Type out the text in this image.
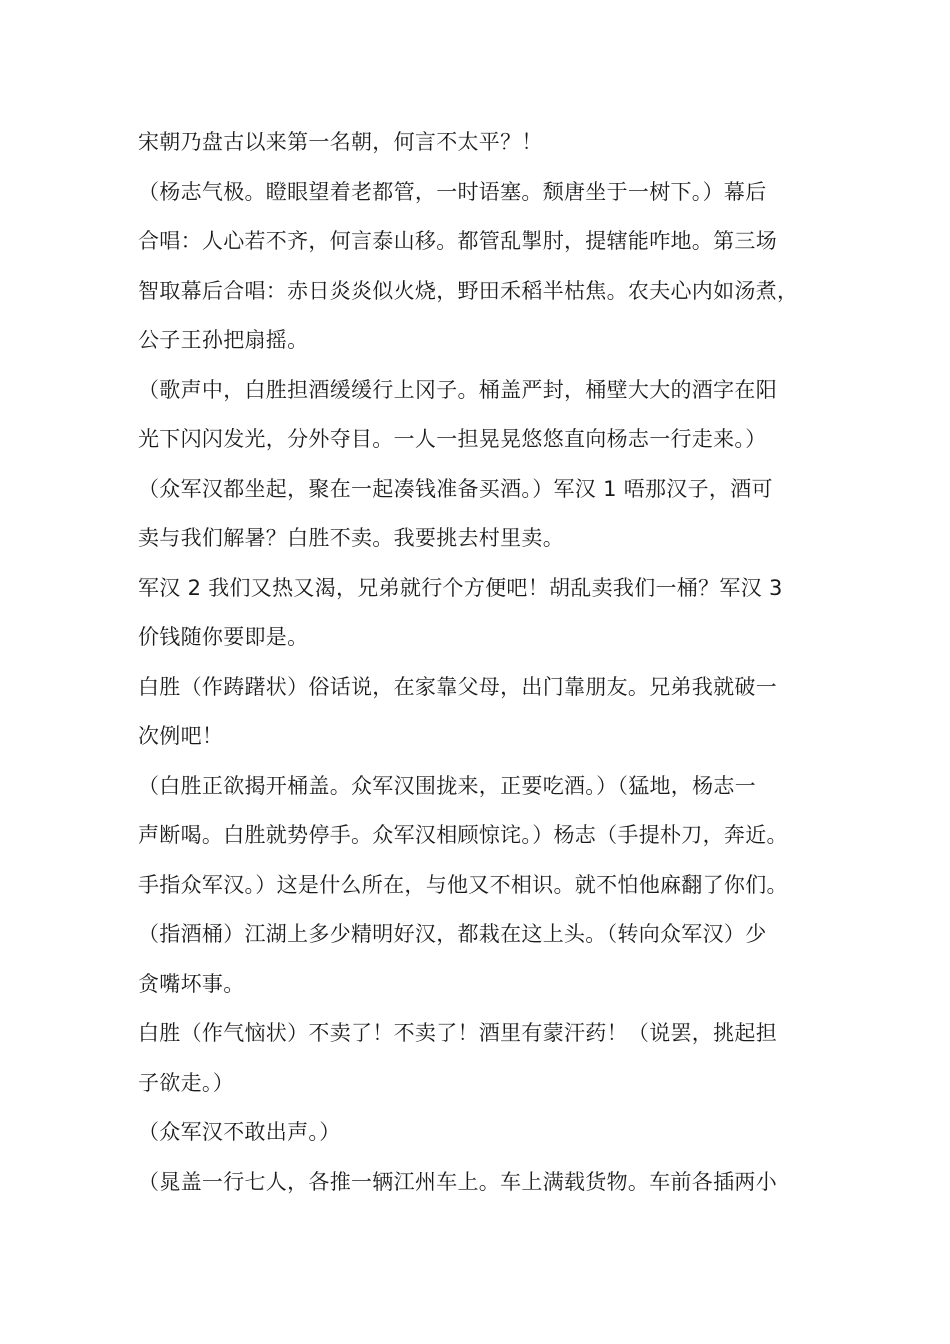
宋朝乃盘古以来第一名朝，何言不太平？！
（杨志气极。瞪眼望着老都管，一时语塞。颓唐坐于一树下。）幕后
合唱：人心若不齐，何言泰山移。都管乱掣肘，提辖能咋地。第三场
智取幕后合唱：赤日炎炎似火烧，野田禾稻半枯焦。农夫心内如汤煮，
公子王孙把扇摇。
（歌声中，白胜担酒缓缓行上冈子。桶盖严封，桶壁大大的酒字在阳
光下闪闪发光，分外夺目。一人一担晃晃悠悠直向杨志一行走来。）
（众军汉都坐起，聚在一起凑钱准备买酒。）军汉 1 唔那汉子，酒可
卖与我们解暑？白胜不卖。我要挑去村里卖。
军汉 2 我们又热又渴，兄弟就行个方便吧！胡乱卖我们一桶？军汉 3
价钱随你要即是。
白胜（作踌躇状）俗话说，在家靠父母，出门靠朋友。兄弟我就破一
次例吧！
（白胜正欲揭开桶盖。众军汉围拢来，正要吃酒。）（猛地，杨志一
声断喝。白胜就势停手。众军汉相顾惊诧。）杨志（手提朴刀，奔近。
手指众军汉。）这是什么所在，与他又不相识。就不怕他麻翻了你们。
（指酒桶）江湖上多少精明好汉，都栽在这上头。（转向众军汉）少
贪嘴坏事。
白胜（作气恼状）不卖了！不卖了！酒里有蒙汗药！（说罢，挑起担
子欲走。）
（众军汉不敢出声。）
（晁盖一行七人，各推一辆江州车上。车上满载货物。车前各插两小
